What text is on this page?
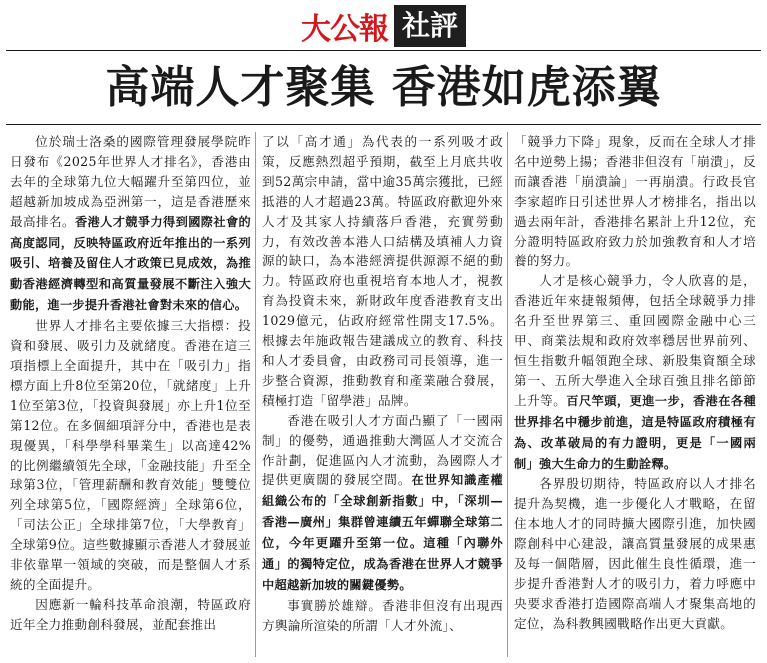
大公報 社評
高端人才聚集 香港如虎添翼

位於瑞士洛桑的國際管理發展學院昨日發布《2025年世界人才排名》，香港由去年的全球第九位大幅躍升至第四位，並超越新加坡成為亞洲第一，這是香港歷來最高排名。香港人才競爭力得到國際社會的高度認同，反映特區政府近年推出的一系列吸引、培養及留住人才政策已見成效，為推動香港經濟轉型和高質量發展不斷注入強大動能，進一步提升香港社會對未來的信心。

世界人才排名主要依據三大指標：投資和發展、吸引力及就緒度。香港在這三項指標上全面提升，其中在「吸引力」指標方面上升8位至第20位，「就緒度」上升1位至第3位，「投資與發展」亦上升1位至第12位。在多個細項評分中，香港也是表現優異，「科學學科畢業生」以高達42%的比例繼續領先全球，「金融技能」升至全球第3位，「管理薪酬和教育效能」雙雙位列全球第5位，「國際經濟」全球第6位，「司法公正」全球排第7位，「大學教育」全球第9位。這些數據顯示香港人才發展並非依靠單一領域的突破，而是整個人才系統的全面提升。

因應新一輪科技革命浪潮，特區政府近年全力推動創科發展，並配套推出

了以「高才通」為代表的一系列吸才政策，反應熱烈超乎預期，截至上月底共收到52萬宗申請，當中逾35萬宗獲批，已經抵港的人才超過23萬。特區政府歡迎外來人才及其家人持續落戶香港，充實勞動力，有效改善本港人口結構及填補人力資源的缺口，為本港經濟提供源源不絕的動力。特區政府也重視培育本地人才，視教育為投資未來，新財政年度香港教育支出1029億元，佔政府經常性開支17.5%。根據去年施政報告建議成立的教育、科技和人才委員會，由政務司司長領導，進一步整合資源，推動教育和產業融合發展，積極打造「留學港」品牌。

香港在吸引人才方面凸顯了「一國兩制」的優勢，通過推動大灣區人才交流合作計劃，促進區內人才流動，為國際人才提供更廣闊的發展空間。在世界知識產權組織公布的「全球創新指數」中，「深圳—香港—廣州」集群曾連續五年蟬聯全球第二位，今年更躍升至第一位。這種「內聯外通」的獨特定位，成為香港在世界人才競爭中超越新加坡的關鍵優勢。

事實勝於雄辯。香港非但沒有出現西方輿論所渲染的所謂「人才外流」、

「競爭力下降」現象，反而在全球人才排名中逆勢上揚；香港非但沒有「崩潰」，反而讓香港「崩潰論」一再崩潰。行政長官李家超昨日引述世界人才榜排名，指出以過去兩年計，香港排名累計上升12位，充分證明特區政府致力於加強教育和人才培養的努力。

人才是核心競爭力，令人欣喜的是，香港近年來捷報頻傳，包括全球競爭力排名升至世界第三、重回國際金融中心三甲、商業法規和政府效率穩居世界前列、恒生指數升幅領跑全球、新股集資額全球第一、五所大學進入全球百強且排名節節上升等。百尺竿頭，更進一步，香港在各種世界排名中穩步前進，這是特區政府積極有為、改革破局的有力證明，更是「一國兩制」強大生命力的生動詮釋。

各界殷切期待，特區政府以人才排名提升為契機，進一步優化人才戰略，在留住本地人才的同時擴大國際引進，加快國際創科中心建設，讓高質量發展的成果惠及每一個階層，因此催生良性循環，進一步提升香港對人才的吸引力，着力呼應中央要求香港打造國際高端人才聚集高地的定位，為科教興國戰略作出更大貢獻。
